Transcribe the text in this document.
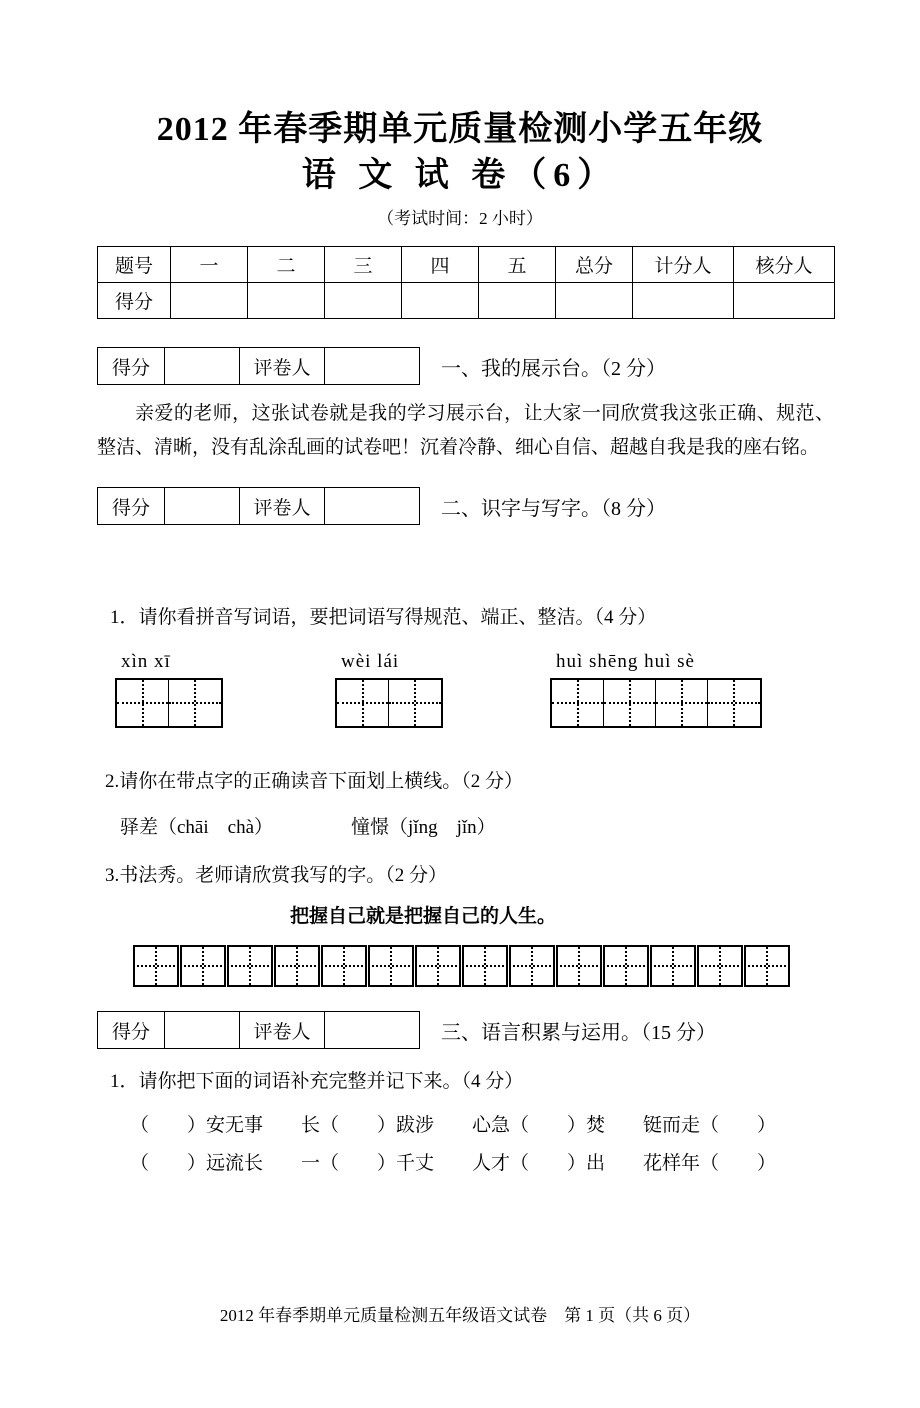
2012 年春季期单元质量检测小学五年级
语 文 试 卷（6）
（考试时间：2 小时）
题号	一	二	三	四	五	总分	计分人	核分人
得分								
得分		评卷人		一、我的展示台。（2 分）
亲爱的老师，这张试卷就是我的学习展示台，让大家一同欣赏我这张正确、规范、整洁、清晰，没有乱涂乱画的试卷吧！沉着冷静、细心自信、超越自我是我的座右铭。
得分		评卷人		二、识字与写字。（8 分）
1．请你看拼音写词语，要把词语写得规范、端正、整洁。（4 分）
xìn xī	wèi lái	huì shēng huì sè
2.请你在带点字的正确读音下面划上横线。（2 分）
驿差（chāi　chà）	憧憬（jǐng　jǐn）
3.书法秀。老师请欣赏我写的字。（2 分）
把握自己就是把握自己的人生。
得分		评卷人		三、语言积累与运用。（15 分）
1．请你把下面的词语补充完整并记下来。（4 分）
（　　）安无事　　长（　　）跋涉　　心急（　　）焚　　铤而走（　　）
（　　）远流长　　一（　　）千丈　　人才（　　）出　　花样年（　　）
2012 年春季期单元质量检测五年级语文试卷　第 1 页（共 6 页）
